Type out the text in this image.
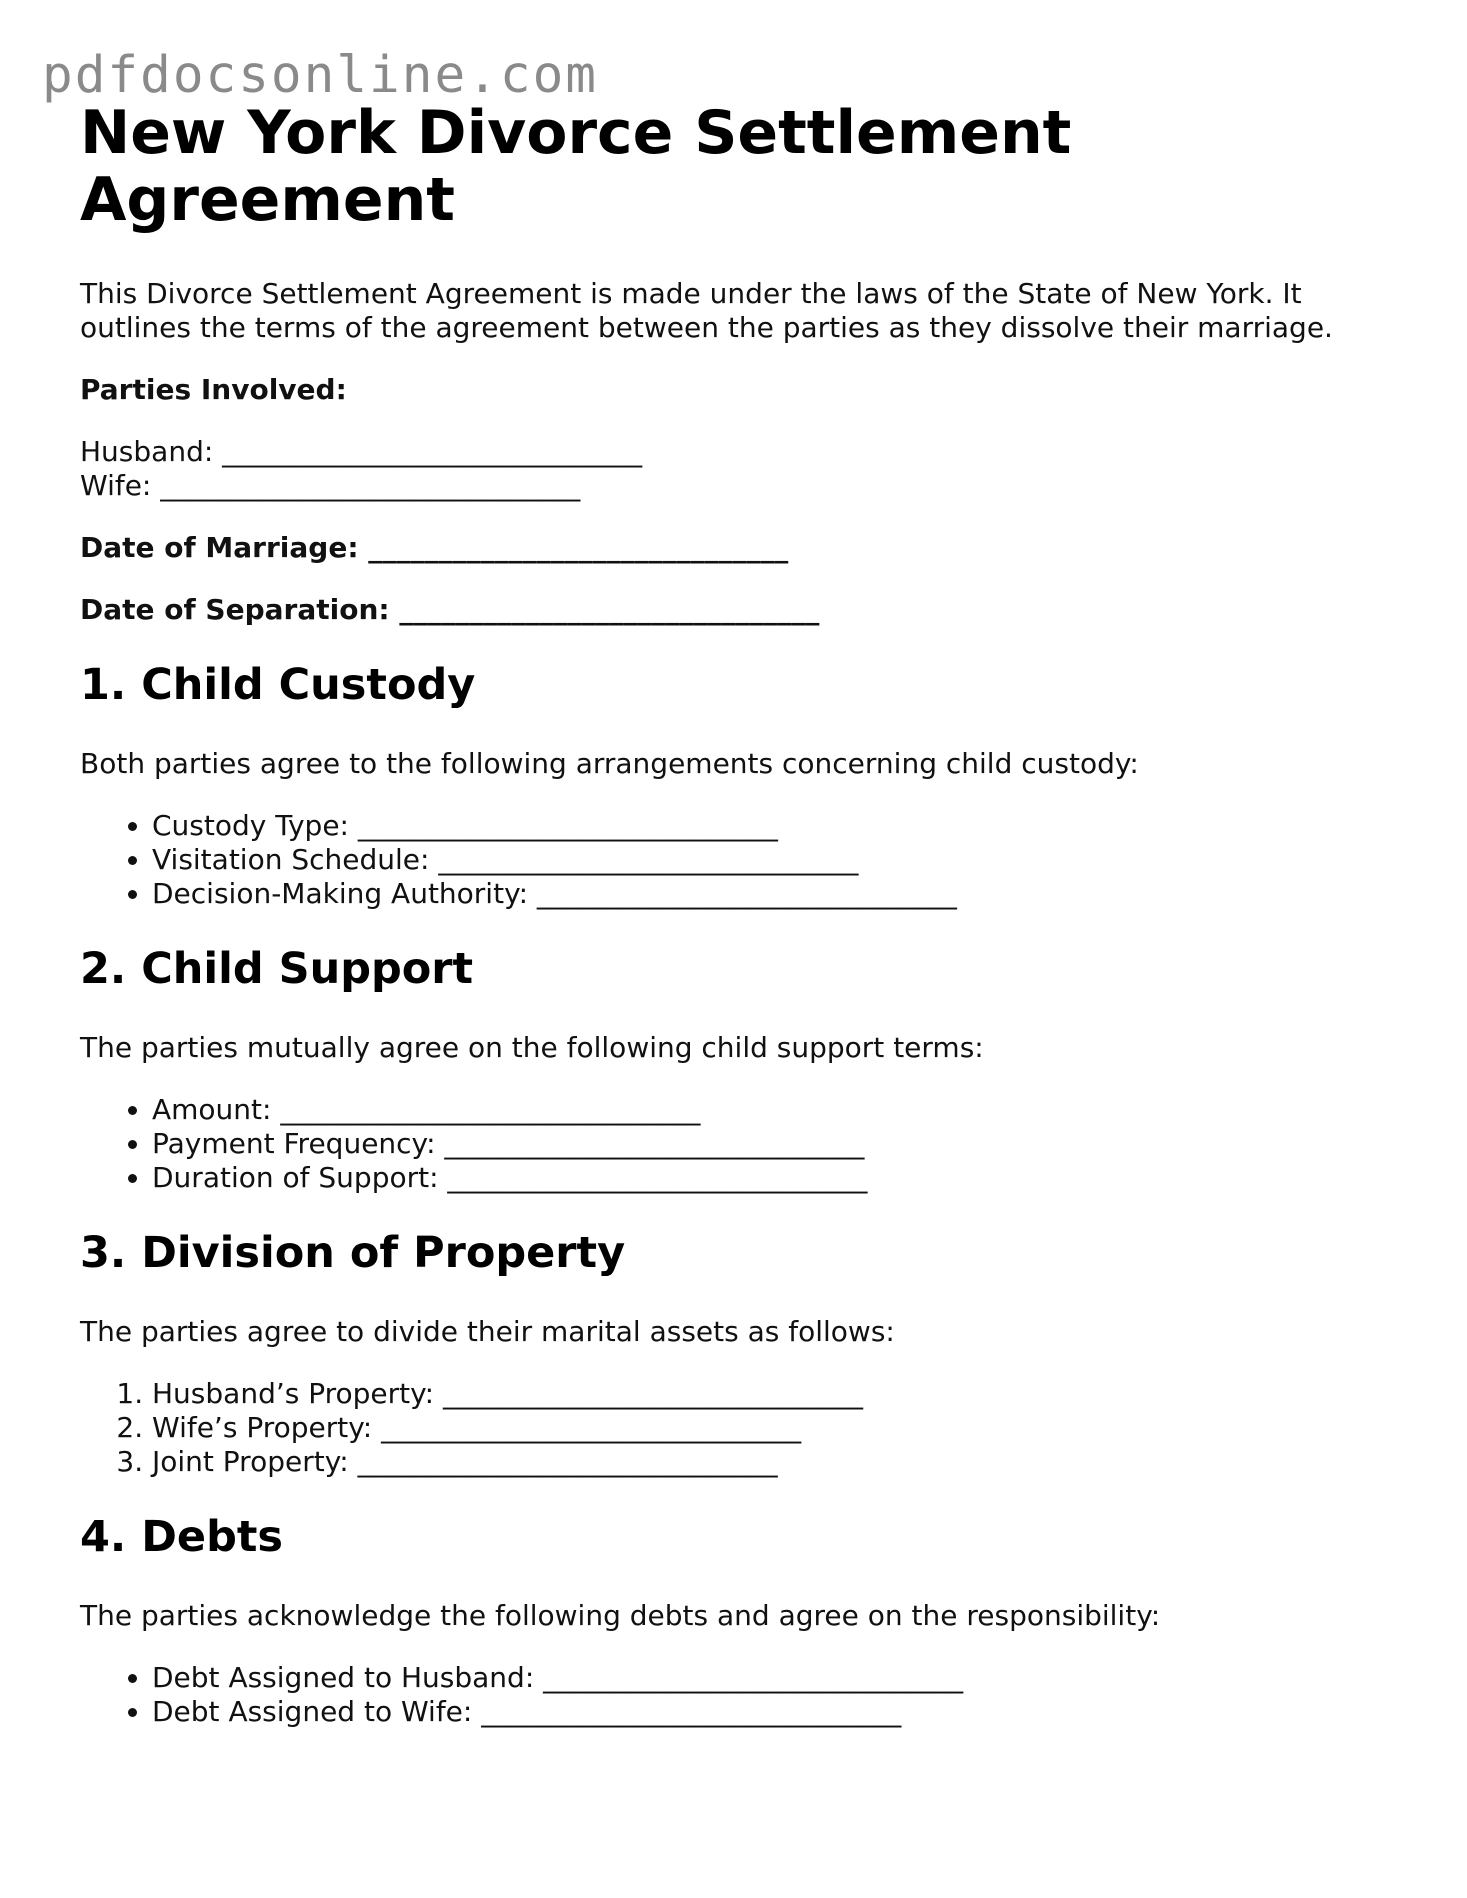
pdfdocsonline.com
New York Divorce Settlement Agreement

This Divorce Settlement Agreement is made under the laws of the State of New York. It outlines the terms of the agreement between the parties as they dissolve their marriage.

Parties Involved:

Husband: ______________________________
Wife: ______________________________

Date of Marriage: ______________________________

Date of Separation: ______________________________

1. Child Custody

Both parties agree to the following arrangements concerning child custody:

• Custody Type: ______________________________
• Visitation Schedule: ______________________________
• Decision-Making Authority: ______________________________
2. Child Support

The parties mutually agree on the following child support terms:

• Amount: ______________________________
• Payment Frequency: ______________________________
• Duration of Support: ______________________________
3. Division of Property

The parties agree to divide their marital assets as follows:

1. Husband’s Property: ______________________________
2. Wife’s Property: ______________________________
3. Joint Property: ______________________________
4. Debts

The parties acknowledge the following debts and agree on the responsibility:

• Debt Assigned to Husband: ______________________________
• Debt Assigned to Wife: ______________________________
